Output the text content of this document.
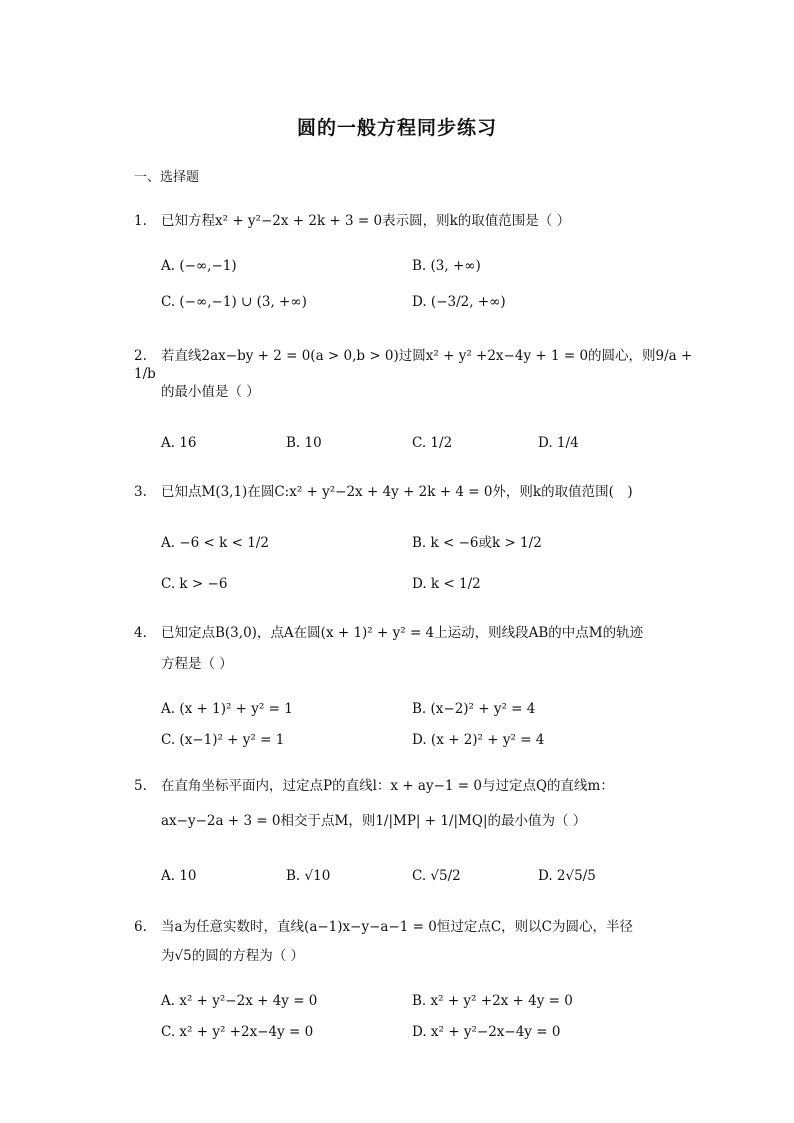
圆的一般方程同步练习
一、选择题
1. 已知方程x² + y²−2x + 2k + 3 = 0表示圆，则k的取值范围是（ ）
A. (−∞,−1)	B. (3, +∞)
C. (−∞,−1) ∪ (3, +∞)	D. (−3/2, +∞)
2. 若直线2ax−by + 2 = 0(a > 0,b > 0)过圆x² + y² +2x−4y + 1 = 0的圆心，则9/a + 1/b
的最小值是（ ）
A. 16	B. 10	C. 1/2	D. 1/4
3. 已知点M(3,1)在圆C:x² + y²−2x + 4y + 2k + 4 = 0外，则k的取值范围(　)
A. −6 < k < 1/2	B. k < −6或k > 1/2
C. k > −6	D. k < 1/2
4. 已知定点B(3,0)，点A在圆(x + 1)² + y² = 4上运动，则线段AB的中点M的轨迹
方程是（ ）
A. (x + 1)² + y² = 1	B. (x−2)² + y² = 4
C. (x−1)² + y² = 1	D. (x + 2)² + y² = 4
5. 在直角坐标平面内，过定点P的直线l：x + ay−1 = 0与过定点Q的直线m：
ax−y−2a + 3 = 0相交于点M，则1/|MP| + 1/|MQ|的最小值为（ ）
A. 10	B. √10	C. √5/2	D. 2√5/5
6. 当a为任意实数时，直线(a−1)x−y−a−1 = 0恒过定点C，则以C为圆心，半径
为√5的圆的方程为（ ）
A. x² + y²−2x + 4y = 0	B. x² + y² +2x + 4y = 0
C. x² + y² +2x−4y = 0	D. x² + y²−2x−4y = 0
